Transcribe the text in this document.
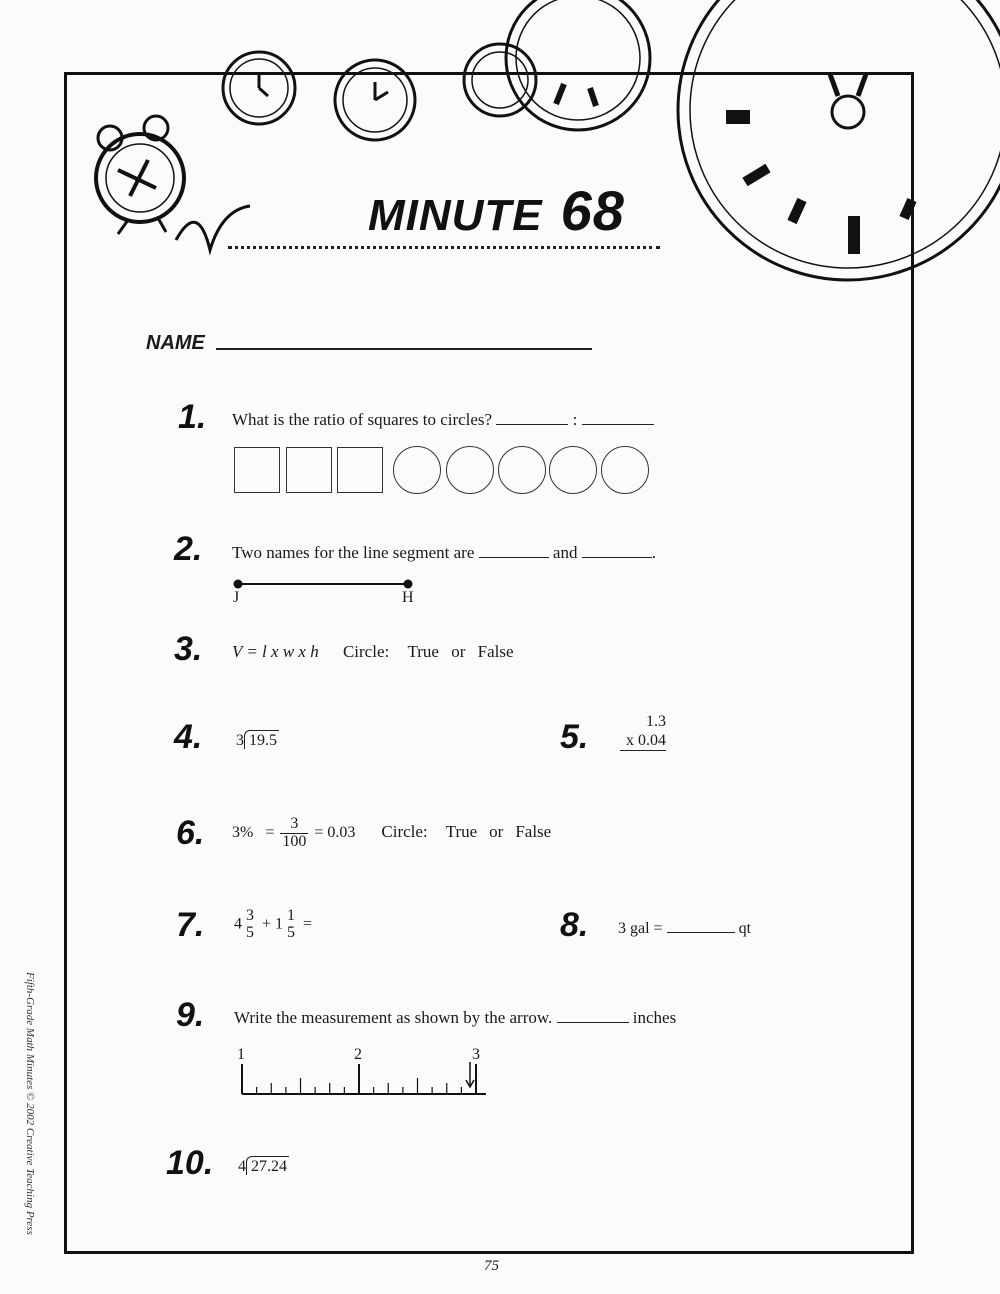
MINUTE 68
NAME
1. What is the ratio of squares to circles?	:
2. Two names for the line segment are	and	.
J	H
3. V = l x w x h Circle: True or False
4. 3 19.5	5.	1.3
x 0.04
6. $3\% = \frac{3}{100} = 0.03$ Circle: True or False
7. 4 3
5 + 1 1
5 =	8. 3 gal =	qt
9. Write the measurement as shown by the arrow.	inches
1	2	3
10. 4 27.24
75
Fifth-Grade Math Minutes © 2002 Creative Teaching Press
